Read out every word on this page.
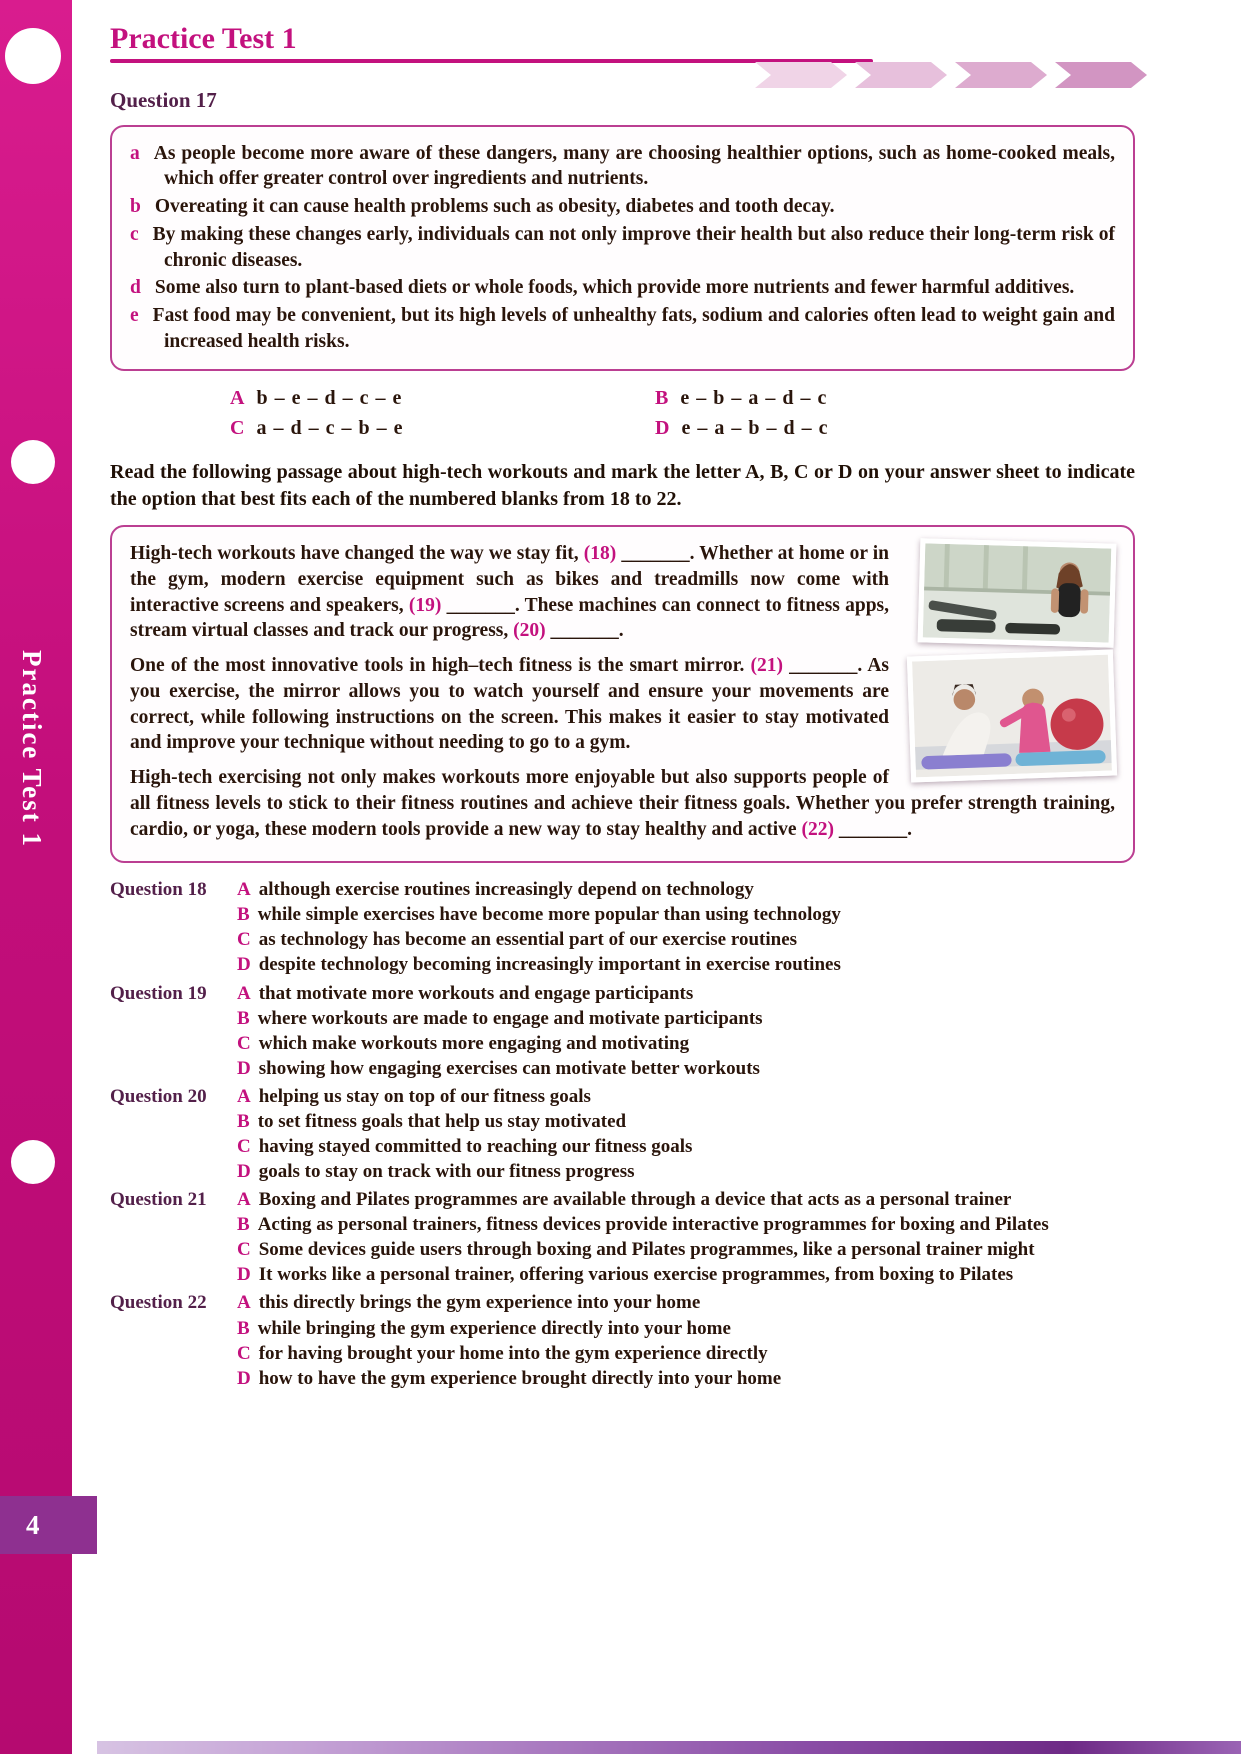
Practice Test 1
4
Practice Test 1
Question 17
a As people become more aware of these dangers, many are choosing healthier options, such as home-cooked meals, which offer greater control over ingredients and nutrients.
b Overeating it can cause health problems such as obesity, diabetes and tooth decay.
c By making these changes early, individuals can not only improve their health but also reduce their long-term risk of chronic diseases.
d Some also turn to plant-based diets or whole foods, which provide more nutrients and fewer harmful additives.
e Fast food may be convenient, but its high levels of unhealthy fats, sodium and calories often lead to weight gain and increased health risks.
A b – e – d – c – e	B e – b – a – d – c
C a – d – c – b – e	D e – a – b – d – c

Read the following passage about high-tech workouts and mark the letter A, B, C or D on your answer sheet to indicate the option that best fits each of the numbered blanks from 18 to 22.

High-tech workouts have changed the way we stay fit, (18) _______. Whether at home or in the gym, modern exercise equipment such as bikes and treadmills now come with interactive screens and speakers, (19) _______. These machines can connect to fitness apps, stream virtual classes and track our progress, (20) _______.

One of the most innovative tools in high–tech fitness is the smart mirror. (21) _______. As you exercise, the mirror allows you to watch yourself and ensure your movements are correct, while following instructions on the screen. This makes it easier to stay motivated and improve your technique without needing to go to a gym.

High-tech exercising not only makes workouts more enjoyable but also supports people of all fitness levels to stick to their fitness routines and achieve their fitness goals. Whether you prefer strength training, cardio, or yoga, these modern tools provide a new way to stay healthy and active (22) _______.

Question 18	A although exercise routines increasingly depend on technology
B while simple exercises have become more popular than using technology
C as technology has become an essential part of our exercise routines
D despite technology becoming increasingly important in exercise routines
Question 19	A that motivate more workouts and engage participants
B where workouts are made to engage and motivate participants
C which make workouts more engaging and motivating
D showing how engaging exercises can motivate better workouts
Question 20	A helping us stay on top of our fitness goals
B to set fitness goals that help us stay motivated
C having stayed committed to reaching our fitness goals
D goals to stay on track with our fitness progress
Question 21	A Boxing and Pilates programmes are available through a device that acts as a personal trainer
B Acting as personal trainers, fitness devices provide interactive programmes for boxing and Pilates
C Some devices guide users through boxing and Pilates programmes, like a personal trainer might
D It works like a personal trainer, offering various exercise programmes, from boxing to Pilates
Question 22	A this directly brings the gym experience into your home
B while bringing the gym experience directly into your home
C for having brought your home into the gym experience directly
D how to have the gym experience brought directly into your home
